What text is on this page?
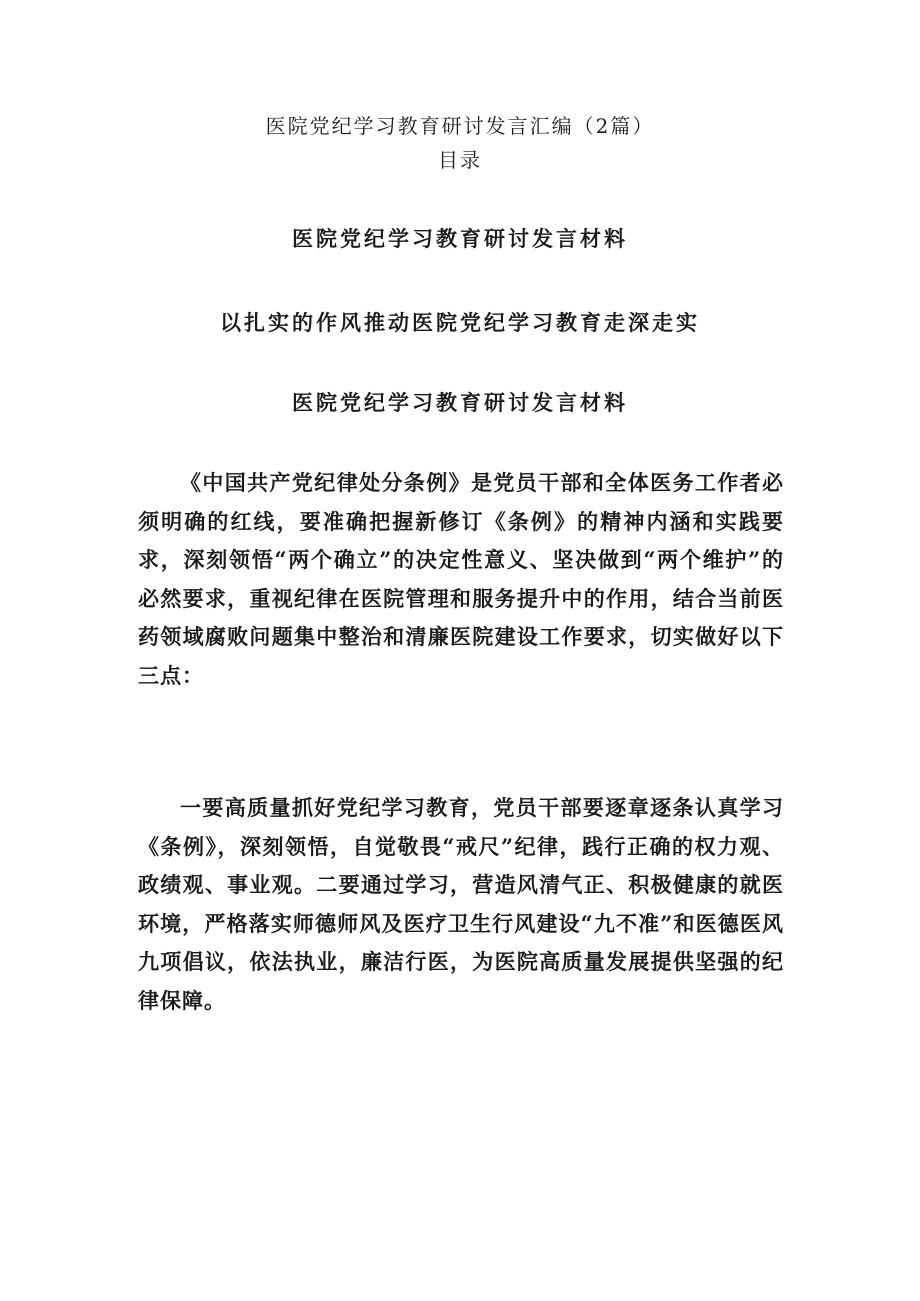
医院党纪学习教育研讨发言汇编（2篇）
目录
医院党纪学习教育研讨发言材料
以扎实的作风推动医院党纪学习教育走深走实
医院党纪学习教育研讨发言材料

《中国共产党纪律处分条例》是党员干部和全体医务工作者必须明确的红线，要准确把握新修订《条例》的精神内涵和实践要求，深刻领悟“两个确立”的决定性意义、坚决做到“两个维护”的必然要求，重视纪律在医院管理和服务提升中的作用，结合当前医药领域腐败问题集中整治和清廉医院建设工作要求，切实做好以下三点：

一要高质量抓好党纪学习教育，党员干部要逐章逐条认真学习《条例》，深刻领悟，自觉敬畏“戒尺”纪律，践行正确的权力观、政绩观、事业观。二要通过学习，营造风清气正、积极健康的就医环境，严格落实师德师风及医疗卫生行风建设“九不准”和医德医风九项倡议，依法执业，廉洁行医，为医院高质量发展提供坚强的纪律保障。
